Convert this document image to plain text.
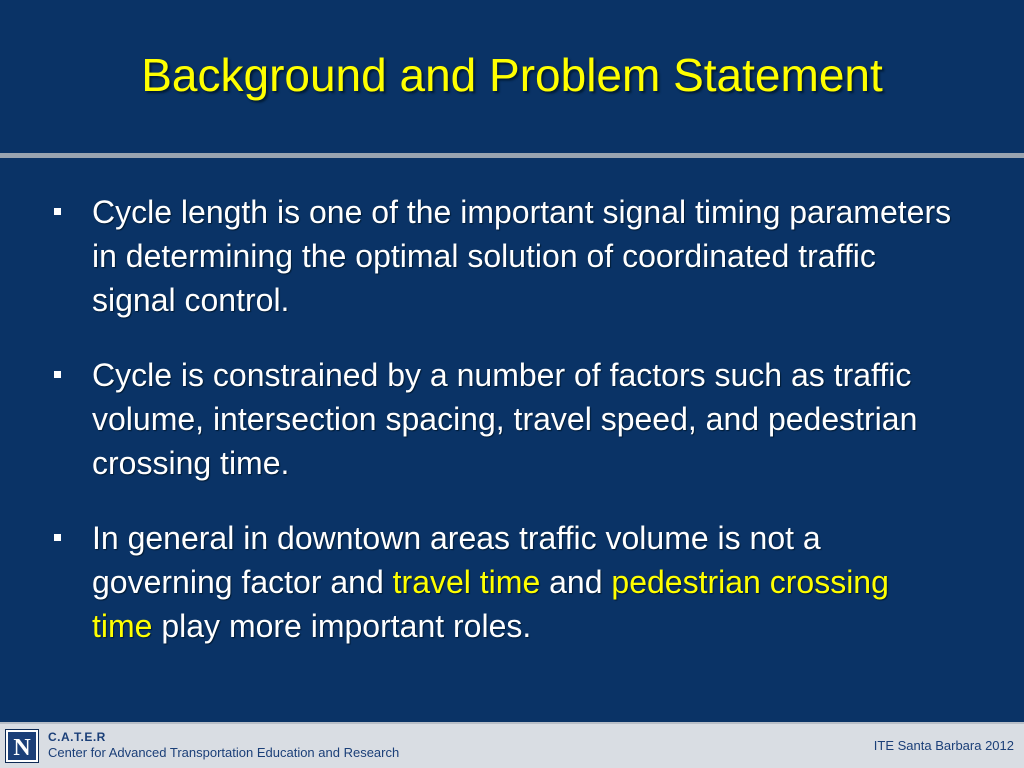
Background and Problem Statement
Cycle length is one of the important signal timing parameters in determining the optimal solution of coordinated traffic signal control.
Cycle is constrained by a number of factors such as traffic volume, intersection spacing, travel speed, and pedestrian crossing time.
In general in downtown areas traffic volume is not a governing factor and travel time and pedestrian crossing time play more important roles.
N	C.A.T.E.R
Center for Advanced Transportation Education and Research	ITE Santa Barbara 2012
